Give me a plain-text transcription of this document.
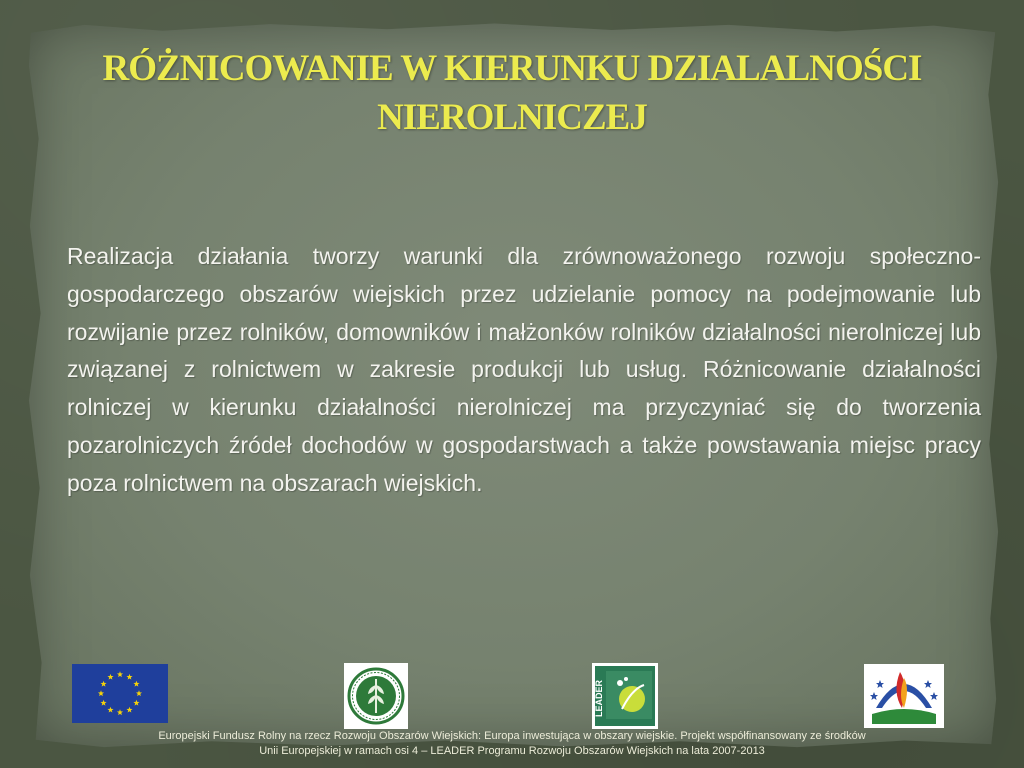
RÓŻNICOWANIE W KIERUNKU DZIALALNOŚCI
NIEROLNICZEJ

Realizacja działania tworzy warunki dla zrównoważonego rozwoju społeczno-gospodarczego obszarów wiejskich przez udzielanie pomocy na podejmowanie lub rozwijanie przez rolników, domowników i małżonków rolników działalności nierolniczej lub związanej z rolnictwem w zakresie produkcji lub usług. Różnicowanie działalności rolniczej w kierunku działalności nierolniczej ma przyczyniać się do tworzenia pozarolniczych źródeł dochodów w gospodarstwach a także powstawania miejsc pracy poza rolnictwem na obszarach wiejskich.

LEADER

Europejski Fundusz Rolny na rzecz Rozwoju Obszarów Wiejskich: Europa inwestująca w obszary wiejskie. Projekt współfinansowany ze środków
Unii Europejskiej w ramach osi 4 – LEADER Programu Rozwoju Obszarów Wiejskich na lata 2007-2013
